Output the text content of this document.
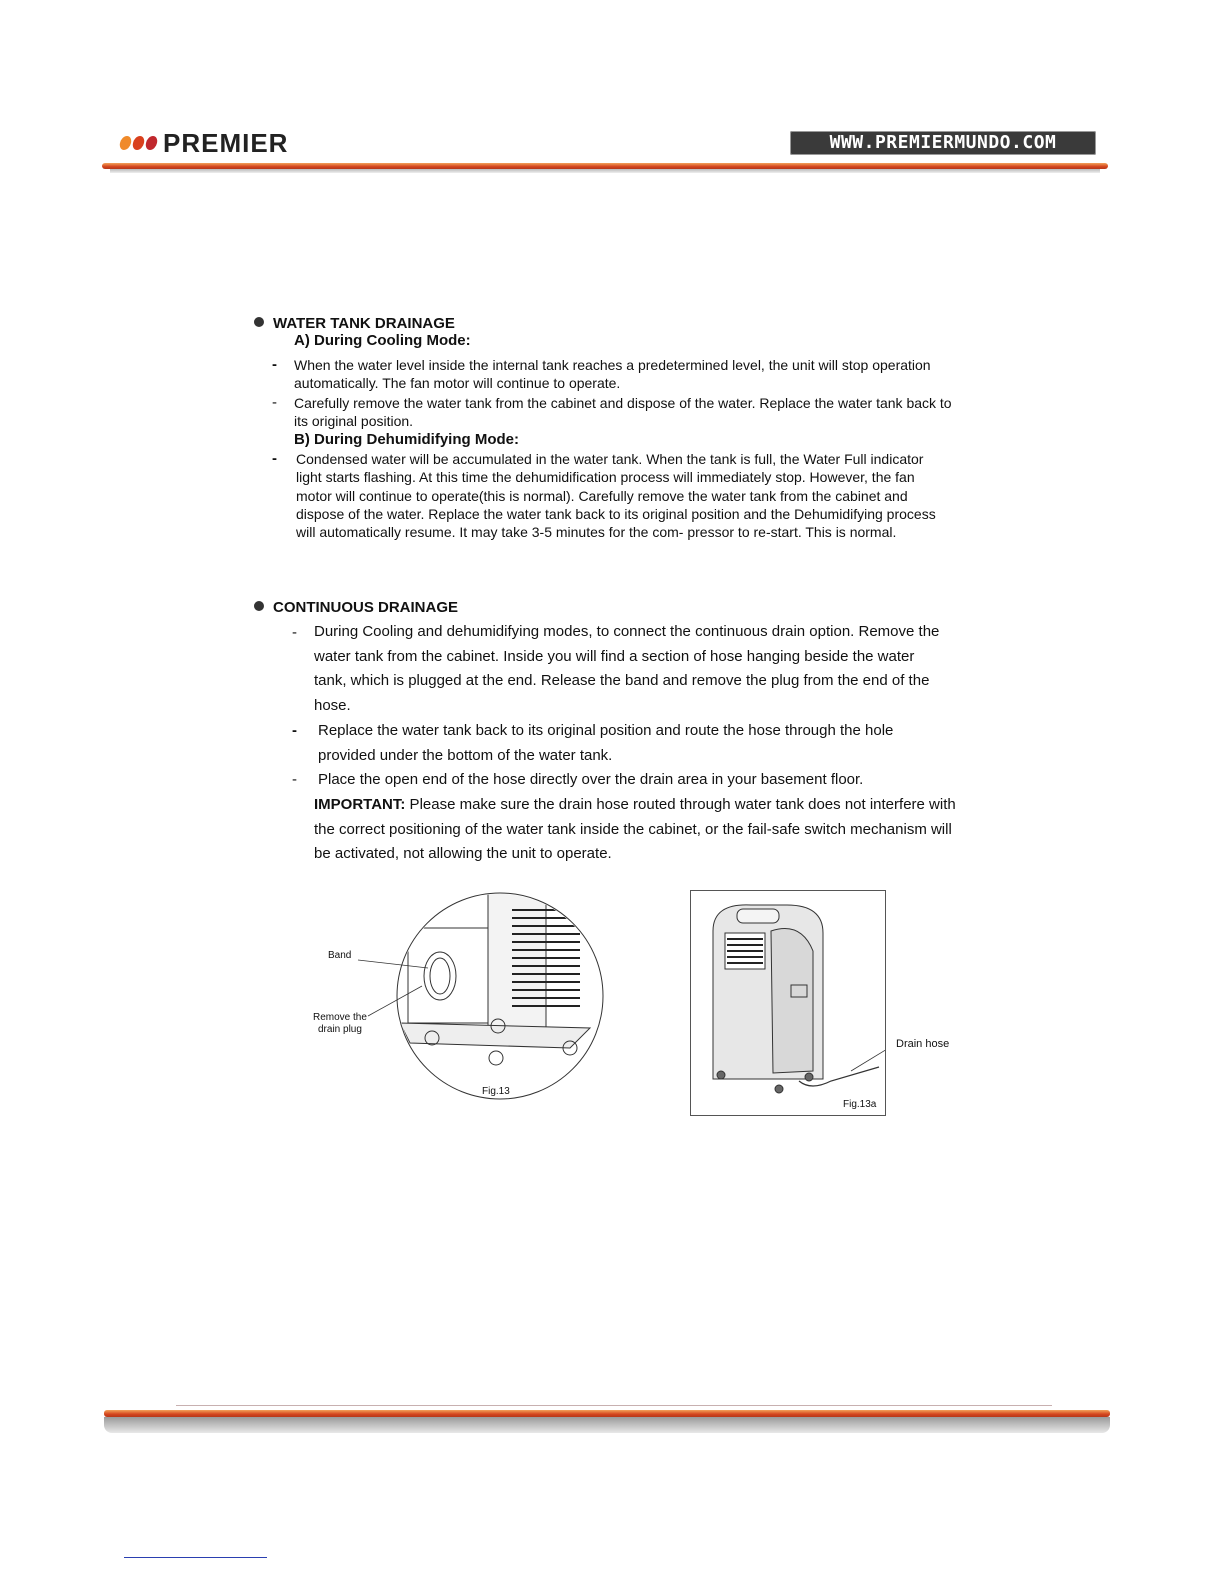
PREMIER	WWW.PREMIERMUNDO.COM
WATER TANK DRAINAGE
A) During Cooling Mode:
- When the water level inside the internal tank reaches a predetermined level, the unit will stop operation automatically. The fan motor will continue to operate.
- Carefully remove the water tank from the cabinet and dispose of the water. Replace the water tank back to its original position.
B) During Dehumidifying Mode:
- Condensed water will be accumulated in the water tank. When the tank is full, the Water Full indicator light starts flashing. At this time the dehumidification process will immediately stop. However, the fan motor will continue to operate(this is normal). Carefully remove the water tank from the cabinet and dispose of the water. Replace the water tank back to its original position and the Dehumidifying process will automatically resume. It may take 3-5 minutes for the com- pressor to re-start. This is normal.
CONTINUOUS DRAINAGE
- During Cooling and dehumidifying modes, to connect the continuous drain option. Remove the water tank from the cabinet. Inside you will find a section of hose hanging beside the water tank, which is plugged at the end. Release the band and remove the plug from the end of the hose.
- Replace the water tank back to its original position and route the hose through the hole provided under the bottom of the water tank.
- Place the open end of the hose directly over the drain area in your basement floor.
IMPORTANT: Please make sure the drain hose routed through water tank does not interfere with the correct positioning of the water tank inside the cabinet, or the fail-safe switch mechanism will be activated, not allowing the unit to operate.
Band
Remove the
drain plug
Fig.13
Fig.13a
Drain hose
